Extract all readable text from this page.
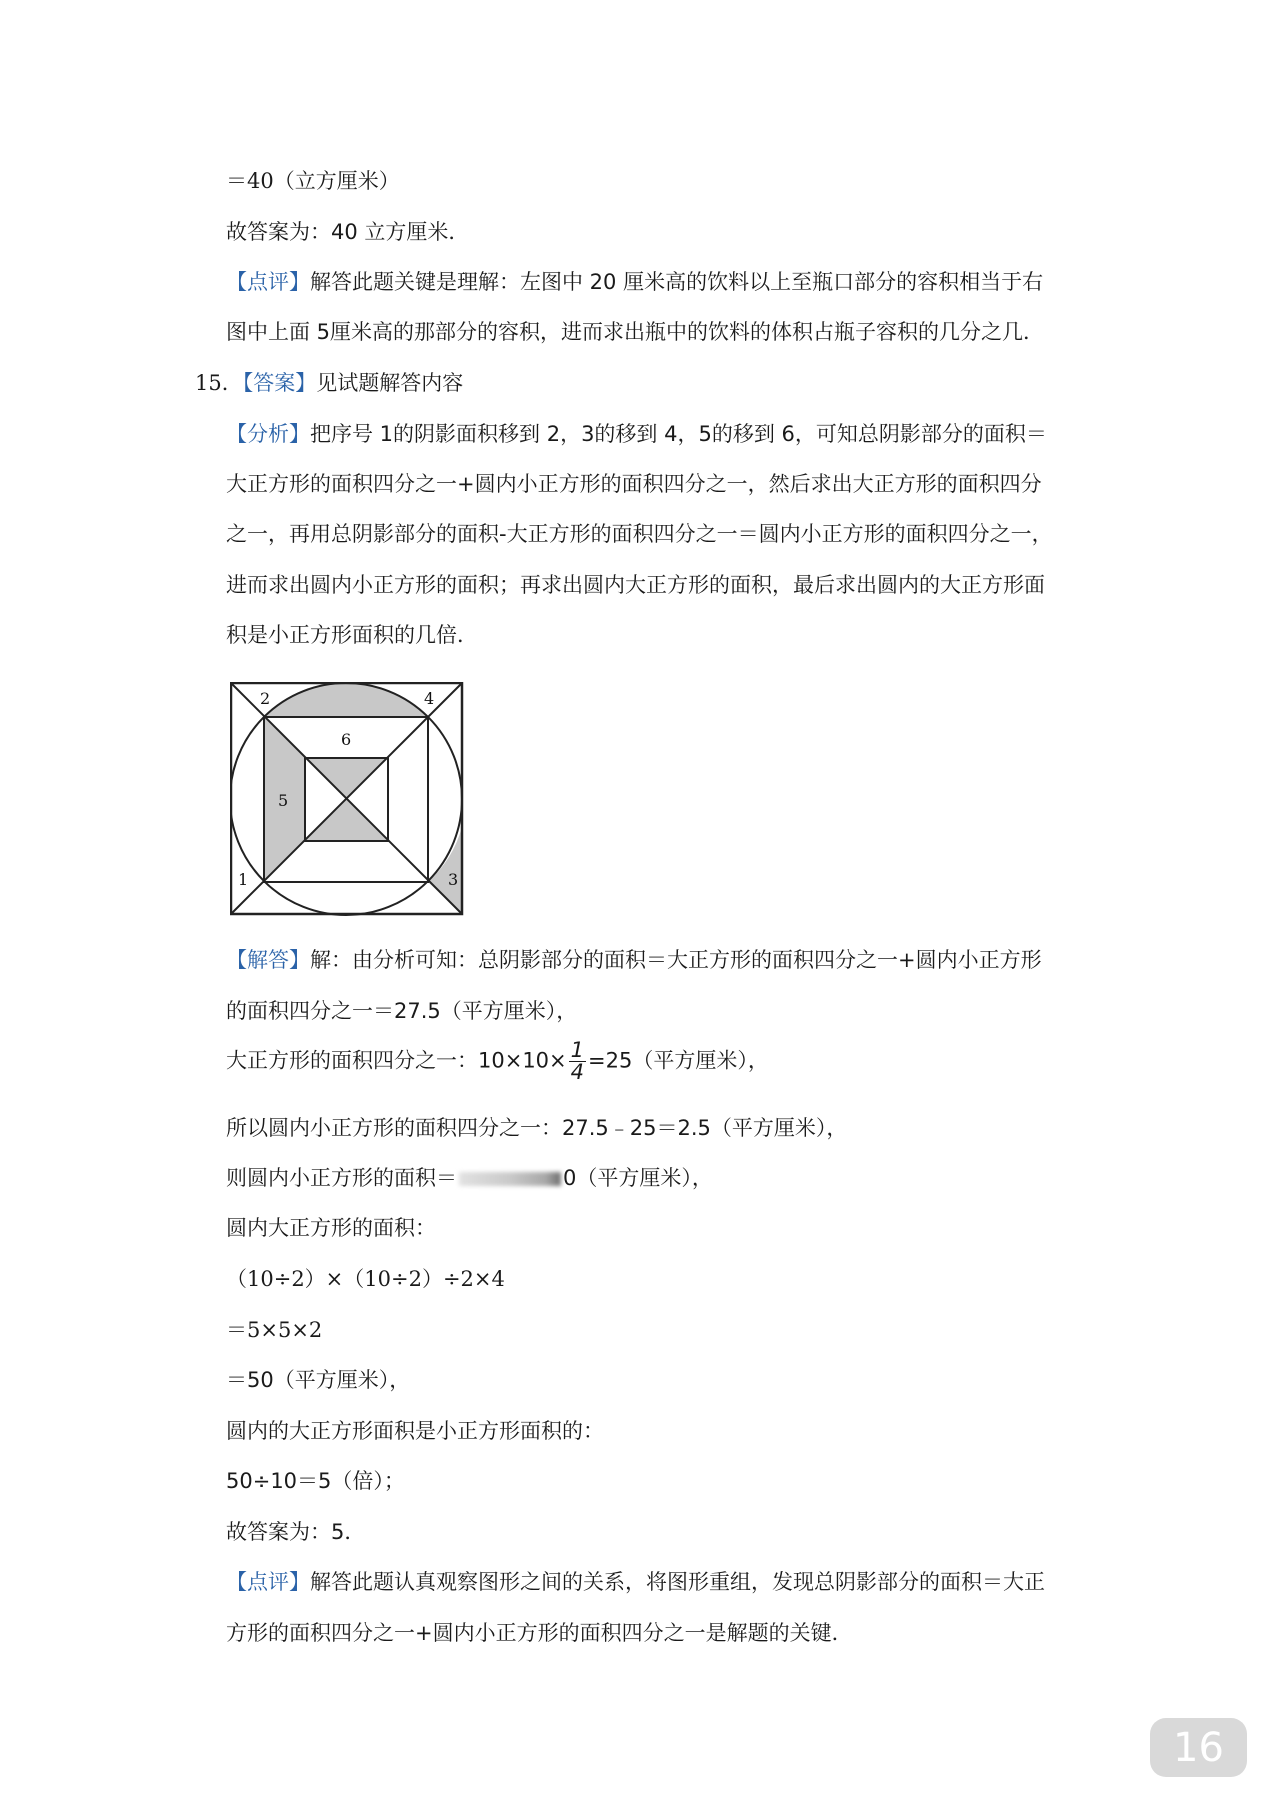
＝40（立方厘米）
故答案为：40 立方厘米．
【点评】解答此题关键是理解：左图中 20 厘米高的饮料以上至瓶口部分的容积相当于右
图中上面 5厘米高的那部分的容积，进而求出瓶中的饮料的体积占瓶子容积的几分之几．
15．【答案】见试题解答内容
【分析】把序号 1的阴影面积移到 2，3的移到 4，5的移到 6，可知总阴影部分的面积＝
大正方形的面积四分之一+圆内小正方形的面积四分之一，然后求出大正方形的面积四分
之一，再用总阴影部分的面积-大正方形的面积四分之一＝圆内小正方形的面积四分之一，
进而求出圆内小正方形的面积；再求出圆内大正方形的面积，最后求出圆内的大正方形面
积是小正方形面积的几倍．
2	4
6
5
1	3
【解答】解：由分析可知：总阴影部分的面积＝大正方形的面积四分之一+圆内小正方形
的面积四分之一＝27.5（平方厘米），
大正方形的面积四分之一：$10\times 10\times \frac{1}{4} =25$（平方厘米），
所以圆内小正方形的面积四分之一：27.5﹣25＝2.5（平方厘米），
则圆内小正方形的面积＝	0（平方厘米），
圆内大正方形的面积：
（10÷2）×（10÷2）÷2×4
＝5×5×2
＝50（平方厘米），
圆内的大正方形面积是小正方形面积的：
50÷10＝5（倍）；
故答案为：5．
【点评】解答此题认真观察图形之间的关系，将图形重组，发现总阴影部分的面积＝大正
方形的面积四分之一+圆内小正方形的面积四分之一是解题的关键．
16
